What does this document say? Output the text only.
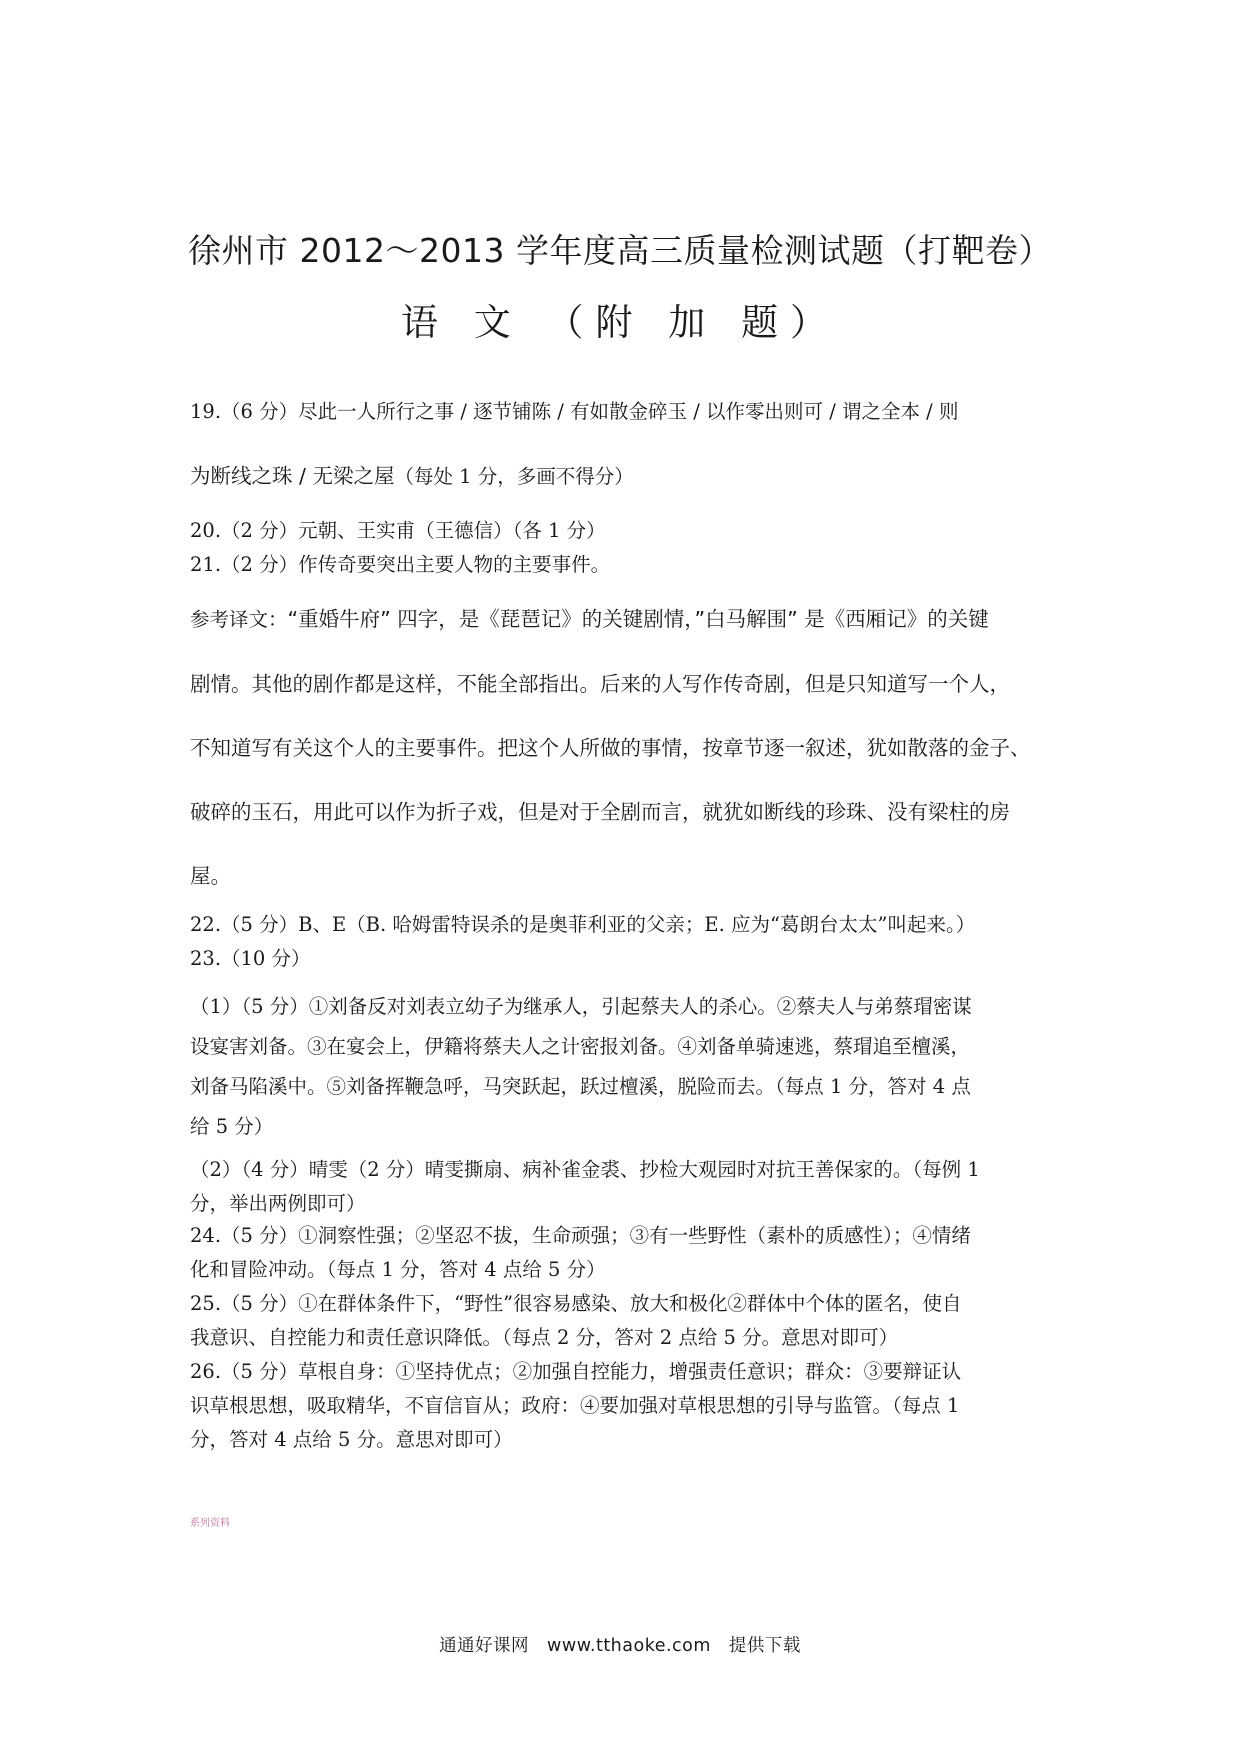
徐州市 2012～2013 学年度高三质量检测试题（打靶卷）
语 文 （附 加 题）
19.（6 分）尽此一人所行之事 / 逐节铺陈 / 有如散金碎玉 / 以作零出则可 / 谓之全本 / 则
为断线之珠 / 无梁之屋（每处 1 分，多画不得分）
20.（2 分）元朝、王实甫（王德信）（各 1 分）
21.（2 分）作传奇要突出主要人物的主要事件。
参考译文：“重婚牛府” 四字，是《琵琶记》的关键剧情，”白马解围” 是《西厢记》的关键
剧情。其他的剧作都是这样，不能全部指出。后来的人写作传奇剧，但是只知道写一个人，
不知道写有关这个人的主要事件。把这个人所做的事情，按章节逐一叙述，犹如散落的金子、
破碎的玉石，用此可以作为折子戏，但是对于全剧而言，就犹如断线的珍珠、没有梁柱的房
屋。
22.（5 分）B、E（B. 哈姆雷特误杀的是奥菲利亚的父亲；E. 应为“葛朗台太太”叫起来。）
23.（10 分）
（1）（5 分）①刘备反对刘表立幼子为继承人，引起蔡夫人的杀心。②蔡夫人与弟蔡瑁密谋
设宴害刘备。③在宴会上，伊籍将蔡夫人之计密报刘备。④刘备单骑速逃，蔡瑁追至檀溪，
刘备马陷溪中。⑤刘备挥鞭急呼，马突跃起，跃过檀溪，脱险而去。（每点 1 分，答对 4 点
给 5 分）
（2）（4 分）晴雯（2 分）晴雯撕扇、病补雀金裘、抄检大观园时对抗王善保家的。（每例 1
分，举出两例即可）
24.（5 分）①洞察性强；②坚忍不拔，生命顽强；③有一些野性（素朴的质感性）；④情绪
化和冒险冲动。（每点 1 分，答对 4 点给 5 分）
25.（5 分）①在群体条件下，“野性”很容易感染、放大和极化②群体中个体的匿名，使自
我意识、自控能力和责任意识降低。（每点 2 分，答对 2 点给 5 分。意思对即可）
26.（5 分）草根自身：①坚持优点；②加强自控能力，增强责任意识；群众：③要辩证认
识草根思想，吸取精华，不盲信盲从；政府：④要加强对草根思想的引导与监管。（每点 1
分，答对 4 点给 5 分。意思对即可）
系列资料
通通好课网　www.tthaoke.com　提供下载
